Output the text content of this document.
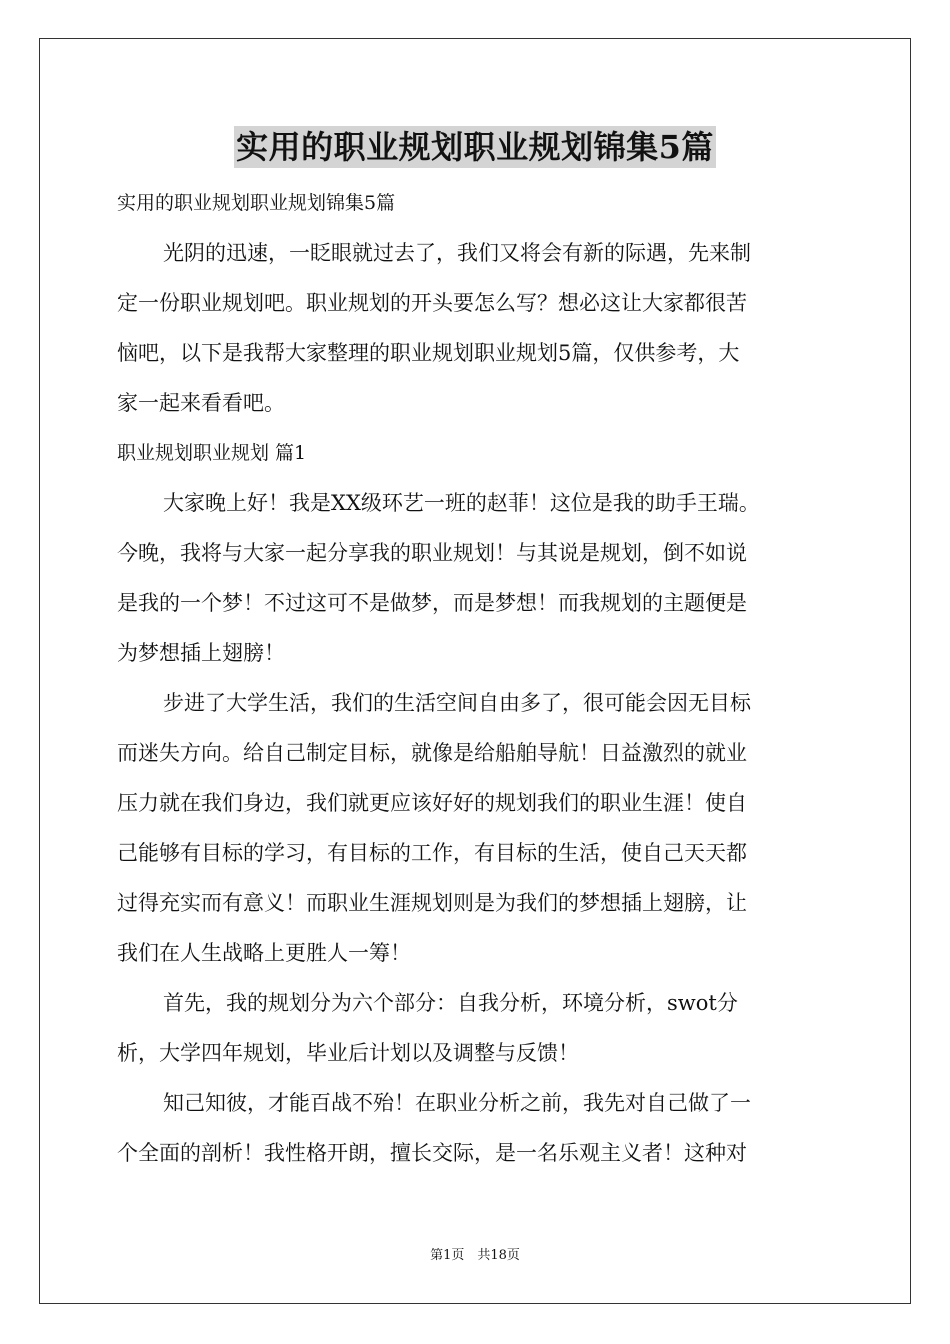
实用的职业规划职业规划锦集5篇
实用的职业规划职业规划锦集5篇
光阴的迅速，一眨眼就过去了，我们又将会有新的际遇，先来制
定一份职业规划吧。职业规划的开头要怎么写？想必这让大家都很苦
恼吧，以下是我帮大家整理的职业规划职业规划5篇，仅供参考，大
家一起来看看吧。
职业规划职业规划 篇1
大家晚上好！我是XX级环艺一班的赵菲！这位是我的助手王瑞。
今晚，我将与大家一起分享我的职业规划！与其说是规划，倒不如说
是我的一个梦！不过这可不是做梦，而是梦想！而我规划的主题便是
为梦想插上翅膀！
步进了大学生活，我们的生活空间自由多了，很可能会因无目标
而迷失方向。给自己制定目标，就像是给船舶导航！日益激烈的就业
压力就在我们身边，我们就更应该好好的规划我们的职业生涯！使自
己能够有目标的学习，有目标的工作，有目标的生活，使自己天天都
过得充实而有意义！而职业生涯规划则是为我们的梦想插上翅膀，让
我们在人生战略上更胜人一筹！
首先，我的规划分为六个部分：自我分析，环境分析，swot分
析，大学四年规划，毕业后计划以及调整与反馈！
知己知彼，才能百战不殆！在职业分析之前，我先对自己做了一
个全面的剖析！我性格开朗，擅长交际，是一名乐观主义者！这种对
第1页　共18页
